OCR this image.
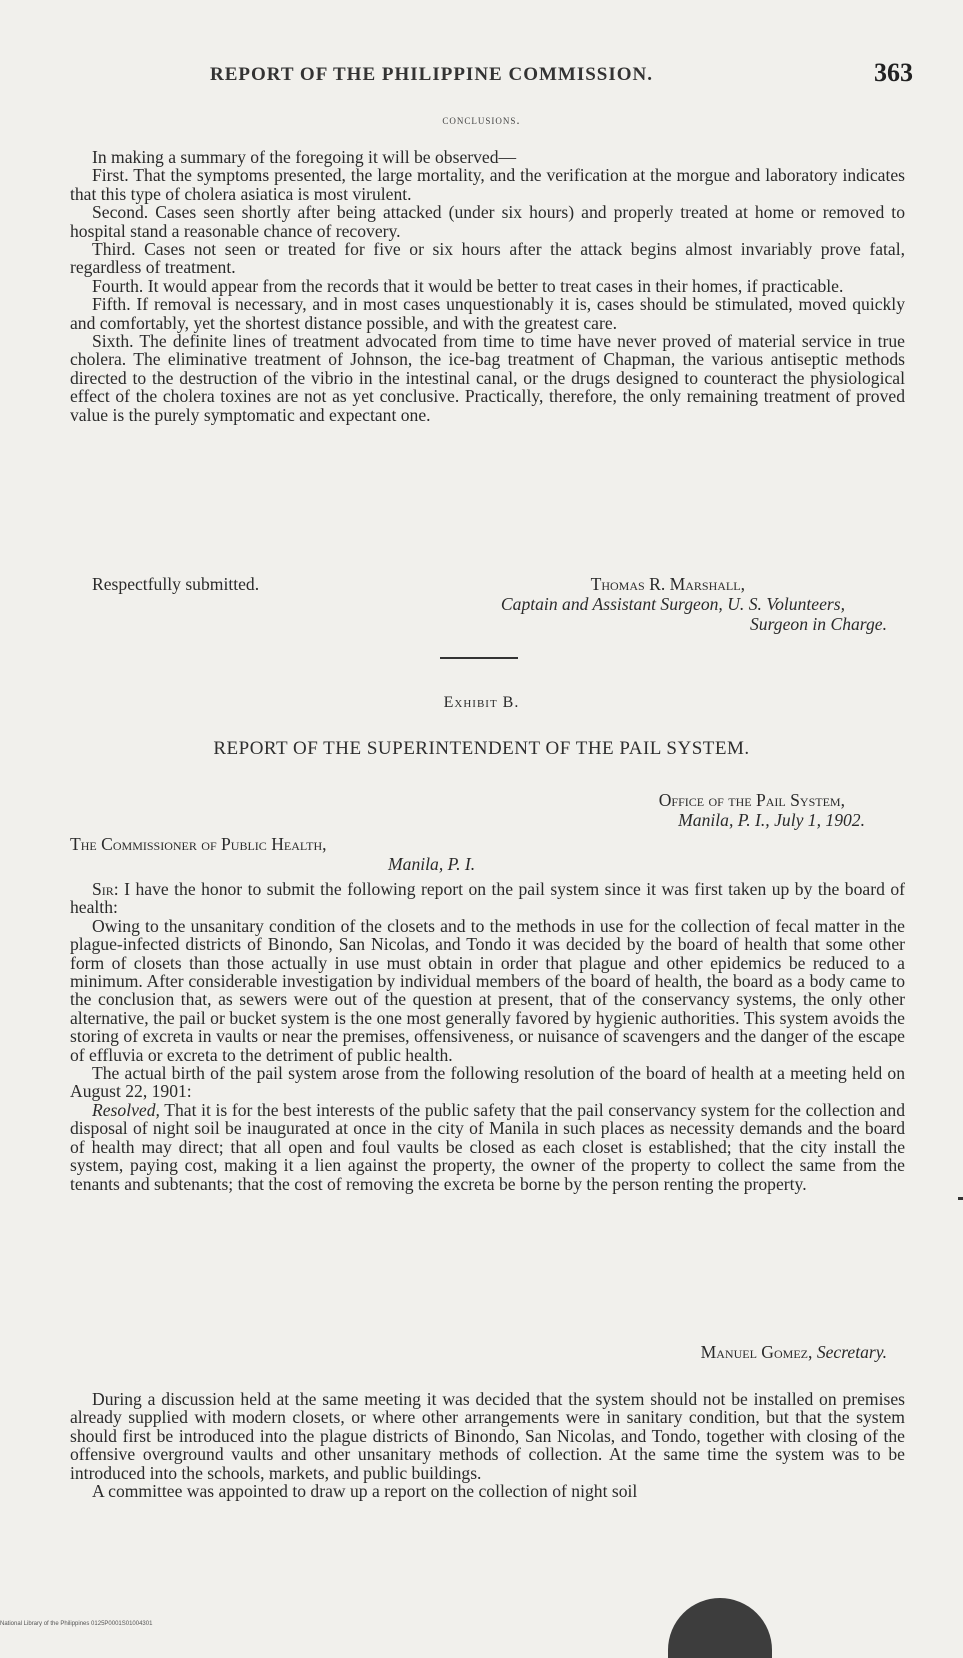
REPORT OF THE PHILIPPINE COMMISSION.	363
conclusions.

In making a summary of the foregoing it will be observed—

First. That the symptoms presented, the large mortality, and the verification at the morgue and laboratory indicates that this type of cholera asiatica is most virulent.

Second. Cases seen shortly after being attacked (under six hours) and properly treated at home or removed to hospital stand a reasonable chance of recovery.

Third. Cases not seen or treated for five or six hours after the attack begins almost invariably prove fatal, regardless of treatment.

Fourth. It would appear from the records that it would be better to treat cases in their homes, if practicable.

Fifth. If removal is necessary, and in most cases unquestionably it is, cases should be stimulated, moved quickly and comfortably, yet the shortest distance possible, and with the greatest care.

Sixth. The definite lines of treatment advocated from time to time have never proved of material service in true cholera. The eliminative treatment of Johnson, the ice-bag treatment of Chapman, the various antiseptic methods directed to the destruction of the vibrio in the intestinal canal, or the drugs designed to counteract the physiological effect of the cholera toxines are not as yet conclusive. Practically, therefore, the only remaining treatment of proved value is the purely symptomatic and expectant one.

Respectfully submitted.	Thomas R. Marshall,
Captain and Assistant Surgeon, U. S. Volunteers,
Surgeon in Charge.
Exhibit B.
REPORT OF THE SUPERINTENDENT OF THE PAIL SYSTEM.
Office of the Pail System,
Manila, P. I., July 1, 1902.
The Commissioner of Public Health,
Manila, P. I.

Sir: I have the honor to submit the following report on the pail system since it was first taken up by the board of health:

Owing to the unsanitary condition of the closets and to the methods in use for the collection of fecal matter in the plague-infected districts of Binondo, San Nicolas, and Tondo it was decided by the board of health that some other form of closets than those actually in use must obtain in order that plague and other epidemics be reduced to a minimum. After considerable investigation by individual members of the board of health, the board as a body came to the conclusion that, as sewers were out of the question at present, that of the conservancy systems, the only other alternative, the pail or bucket system is the one most generally favored by hygienic authorities. This system avoids the storing of excreta in vaults or near the premises, offensiveness, or nuisance of scavengers and the danger of the escape of effluvia or excreta to the detriment of public health.

The actual birth of the pail system arose from the following resolution of the board of health at a meeting held on August 22, 1901:

Resolved, That it is for the best interests of the public safety that the pail conservancy system for the collection and disposal of night soil be inaugurated at once in the city of Manila in such places as necessity demands and the board of health may direct; that all open and foul vaults be closed as each closet is established; that the city install the system, paying cost, making it a lien against the property, the owner of the property to collect the same from the tenants and subtenants; that the cost of removing the excreta be borne by the person renting the property.

Manuel Gomez, Secretary.

During a discussion held at the same meeting it was decided that the system should not be installed on premises already supplied with modern closets, or where other arrangements were in sanitary condition, but that the system should first be introduced into the plague districts of Binondo, San Nicolas, and Tondo, together with closing of the offensive overground vaults and other unsanitary methods of collection. At the same time the system was to be introduced into the schools, markets, and public buildings.

A committee was appointed to draw up a report on the collection of night soil

National Library of the Philippines 0125P0001S01004301
